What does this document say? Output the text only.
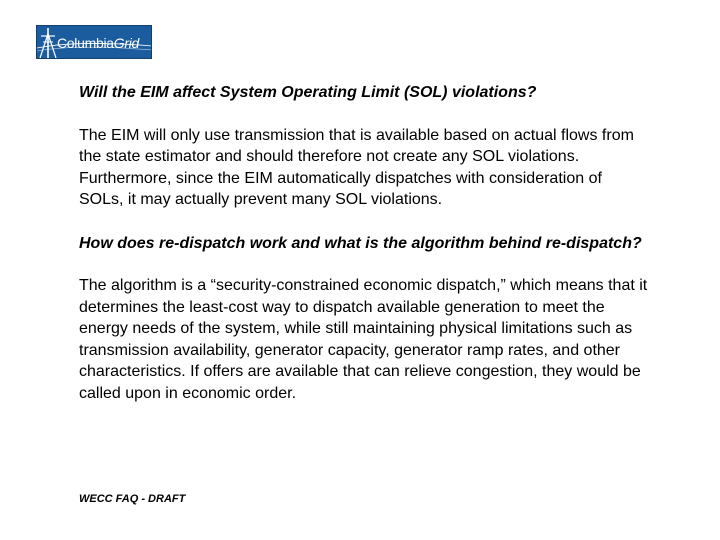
ColumbiaGrid

Will the EIM affect System Operating Limit (SOL) violations?

The EIM will only use transmission that is available based on actual flows from the state estimator and should therefore not create any SOL violations. Furthermore, since the EIM automatically dispatches with consideration of SOLs, it may actually prevent many SOL violations.

How does re-dispatch work and what is the algorithm behind re-dispatch?

The algorithm is a “security-constrained economic dispatch,” which means that it determines the least-cost way to dispatch available generation to meet the energy needs of the system, while still maintaining physical limitations such as transmission availability, generator capacity, generator ramp rates, and other characteristics. If offers are available that can relieve congestion, they would be called upon in economic order.

WECC FAQ - DRAFT
